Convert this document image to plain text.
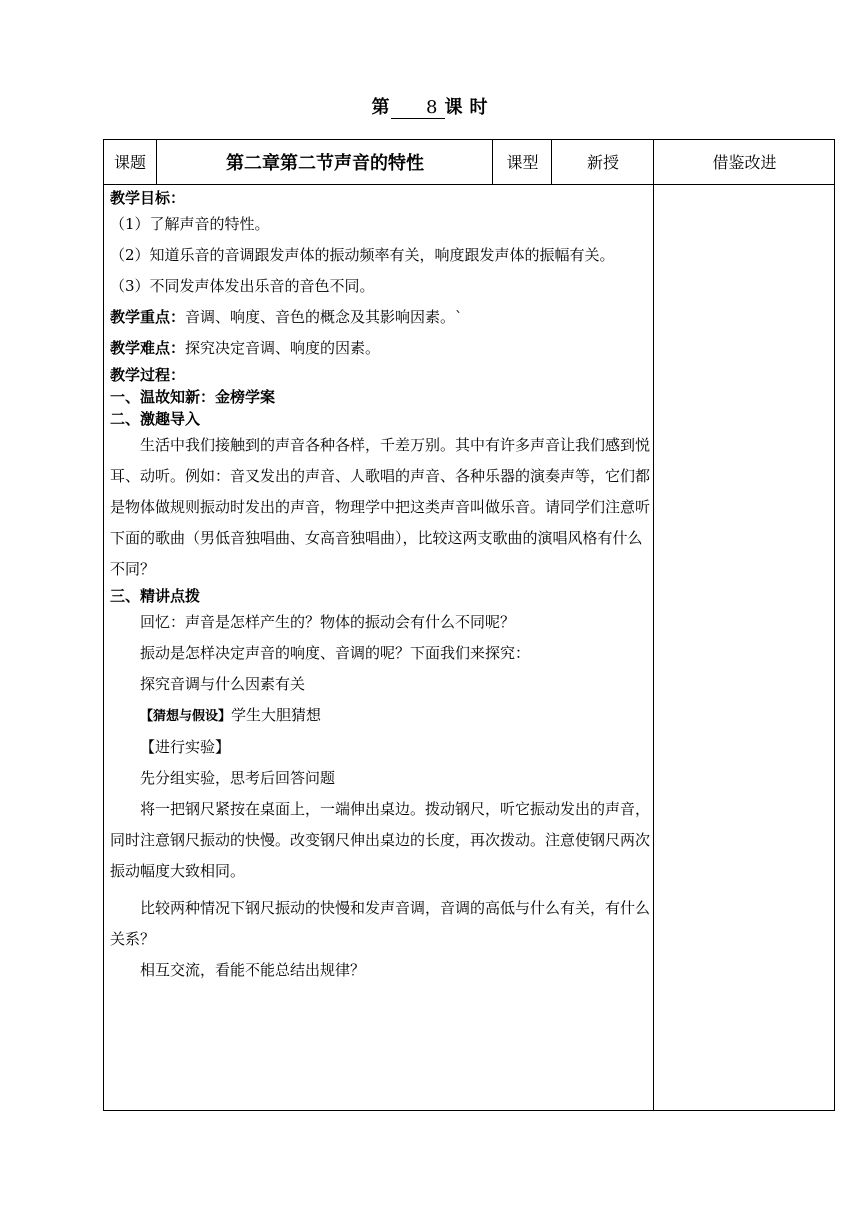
第 8 课 时
课题	第二章第二节声音的特性	课型	新授	借鉴改进

教学目标：

（1）了解声音的特性。

（2）知道乐音的音调跟发声体的振动频率有关，响度跟发声体的振幅有关。

（3）不同发声体发出乐音的音色不同。

教学重点：音调、响度、音色的概念及其影响因素。`

教学难点：探究决定音调、响度的因素。

教学过程：

一、温故知新：金榜学案

二、激趣导入

生活中我们接触到的声音各种各样，千差万别。其中有许多声音让我们感到悦耳、动听。例如：音叉发出的声音、人歌唱的声音、各种乐器的演奏声等，它们都是物体做规则振动时发出的声音，物理学中把这类声音叫做乐音。请同学们注意听下面的歌曲（男低音独唱曲、女高音独唱曲），比较这两支歌曲的演唱风格有什么不同？

三、精讲点拨

回忆：声音是怎样产生的？物体的振动会有什么不同呢？

振动是怎样决定声音的响度、音调的呢？下面我们来探究：

探究音调与什么因素有关

【猜想与假设】学生大胆猜想

【进行实验】

先分组实验，思考后回答问题

将一把钢尺紧按在桌面上，一端伸出桌边。拨动钢尺，听它振动发出的声音，同时注意钢尺振动的快慢。改变钢尺伸出桌边的长度，再次拨动。注意使钢尺两次振动幅度大致相同。

比较两种情况下钢尺振动的快慢和发声音调，音调的高低与什么有关，有什么关系？

相互交流，看能不能总结出规律？
